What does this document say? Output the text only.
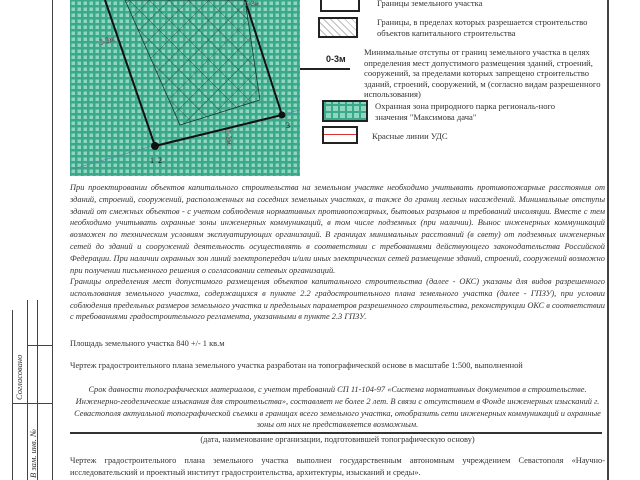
Согласовано
В зам. инв. №
1 2
3
0-3м
0-3м
0-3м	Границы земельного участка
Границы, в пределах которых разрешается строительство объектов капитального строительства
0-3м
Минимальные отступы от границ земельного участка в целях определения мест допустимого размещения зданий, строений, сооружений, за пределами которых запрещено строительство зданий, строений, сооружений, м (согласно видам разрешенного использования)
Охранная зона природного парка региональ-ного значения "Максимова дача"
Красные линии УДС
При проектировании объектов капитального строительства на земельном участке необходимо учитывать противопожарные расстояния от зданий, строений, сооружений, расположенных на соседних земельных участках, а также до границ лесных насаждений. Минимальные отступы зданий от смежных объектов - с учетом соблюдения нормативных противопожарных, бытовых разрывов и требований инсоляции. Вместе с тем необходимо учитывать охранные зоны инженерных коммуникаций, в том числе подземных (при наличии). Вынос инженерных коммуникаций возможен по техническим условиям эксплуатирующих организаций. В границах минимальных расстояний (в свету) от подземных инженерных сетей до зданий и сооружений деятельность осуществлять в соответствии с требованиями действующего законодательства Российской Федерации. При наличии охранных зон линий электропередач и/или иных электрических сетей размещение зданий, строений, сооружений возможно при получении письменного решения о согласовании сетевых организаций.
Границы определения мест допустимого размещения объектов капитального строительства (далее - ОКС) указаны для видов разрешенного использования земельного участка, содержащихся в пункте 2.2 градостроительного плана земельного участка (далее - ГПЗУ), при условии соблюдения предельных размеров земельного участка и предельных параметров разрешенного строительства, реконструкции ОКС в соответствии с требованиями градостроительного регламента, указанными в пункте 2.3 ГПЗУ.
Площадь земельного участка 840 +/- 1 кв.м
Чертеж градостроительного плана земельного участка разработан на топографической основе в масштабе 1:500, выполненной
Срок давности топографических материалов, с учетом требований СП 11-104-97 «Система нормативных документов в строительстве. Инженерно-геодезические изыскания для строительства», составляет не более 2 лет. В связи с отсутствием в Фонде инженерных изысканий г. Севастополя актуальной топографической съемки в границах всего земельного участка, отобразить сети инженерных коммуникаций и охранные зоны от них не представляется возможным.
(дата, наименование организации, подготовившей топографическую основу)
Чертеж градостроительного плана земельного участка выполнен государственным автономным учреждением Севастополя «Научно-исследовательский и проектный институт градостроительства, архитектуры, изысканий и среды».
